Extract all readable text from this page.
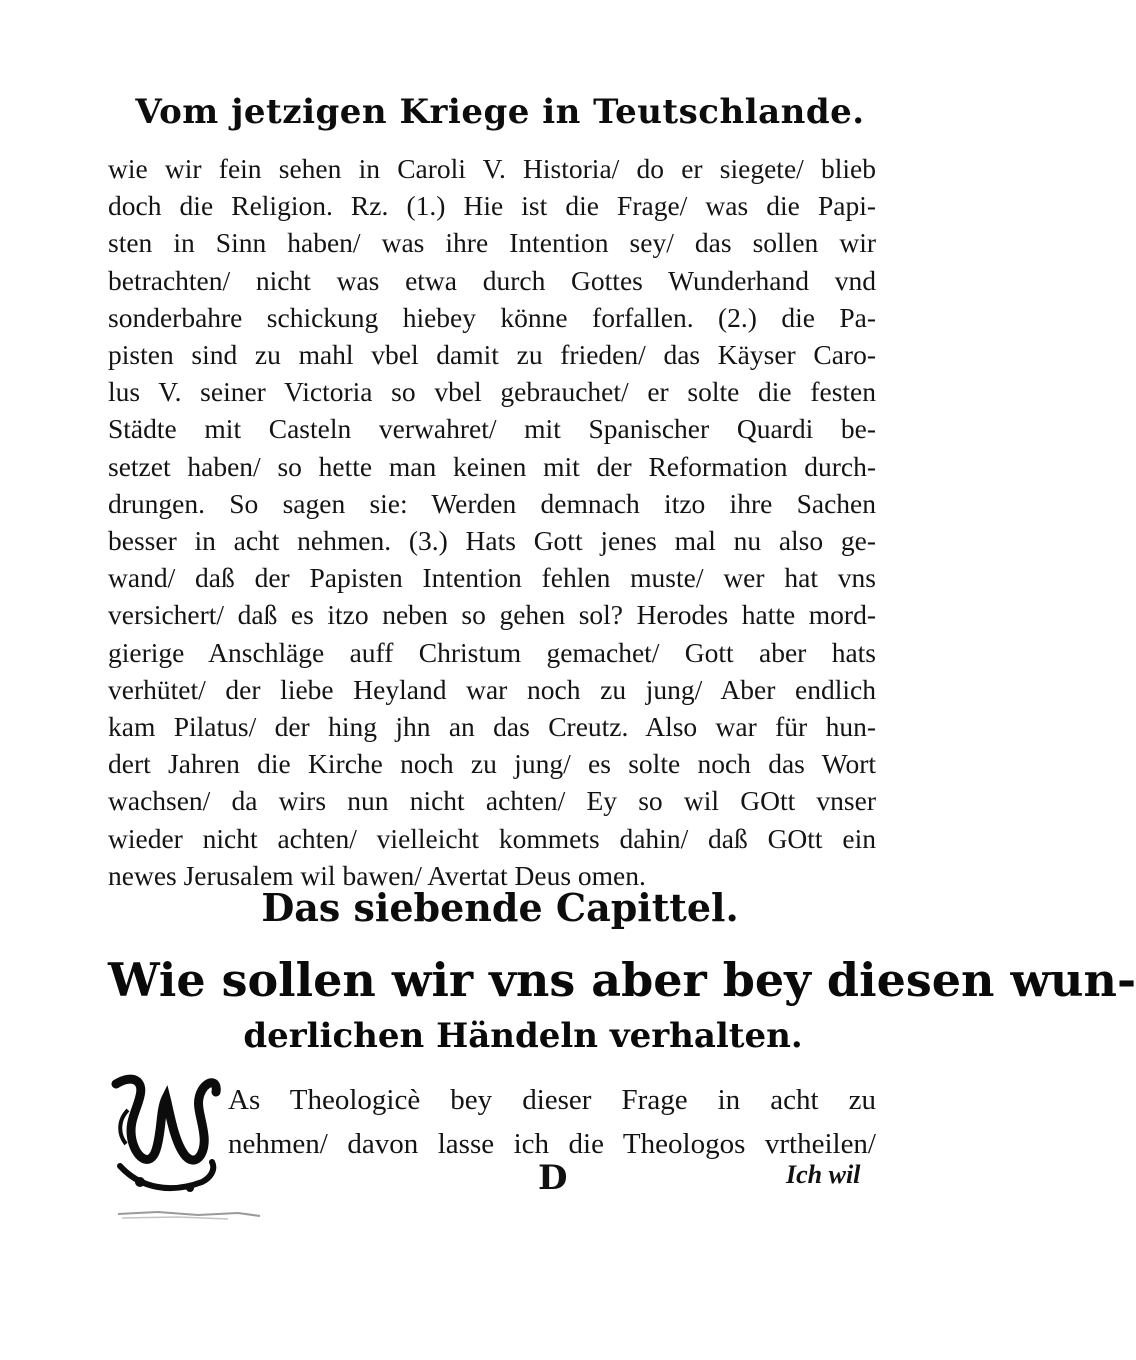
Vom jetzigen Kriege in Teutschlande.
wie wir fein sehen in Caroli V. Historia/ do er siegete/ blieb
doch die Religion. Rz. (1.) Hie ist die Frage/ was die Papi-
sten in Sinn haben/ was ihre Intention sey/ das sollen wir
betrachten/ nicht was etwa durch Gottes Wunderhand vnd
sonderbahre schickung hiebey könne forfallen. (2.) die Pa-
pisten sind zu mahl vbel damit zu frieden/ das Käyser Caro-
lus V. seiner Victoria so vbel gebrauchet/ er solte die festen
Städte mit Casteln verwahret/ mit Spanischer Quardi be-
setzet haben/ so hette man keinen mit der Reformation durch-
drungen. So sagen sie: Werden demnach itzo ihre Sachen
besser in acht nehmen. (3.) Hats Gott jenes mal nu also ge-
wand/ daß der Papisten Intention fehlen muste/ wer hat vns
versichert/ daß es itzo neben so gehen sol? Herodes hatte mord-
gierige Anschläge auff Christum gemachet/ Gott aber hats
verhütet/ der liebe Heyland war noch zu jung/ Aber endlich
kam Pilatus/ der hing jhn an das Creutz. Also war für hun-
dert Jahren die Kirche noch zu jung/ es solte noch das Wort
wachsen/ da wirs nun nicht achten/ Ey so wil GOtt vnser
wieder nicht achten/ vielleicht kommets dahin/ daß GOtt ein
newes Jerusalem wil bawen/ Avertat Deus omen.
Das siebende Capittel.
Wie sollen wir vns aber bey diesen wun-
derlichen Händeln verhalten.
W As Theologicè bey dieser Frage in acht zu
nehmen/ davon lasse ich die Theologos vrtheilen/
D	Ich wil
